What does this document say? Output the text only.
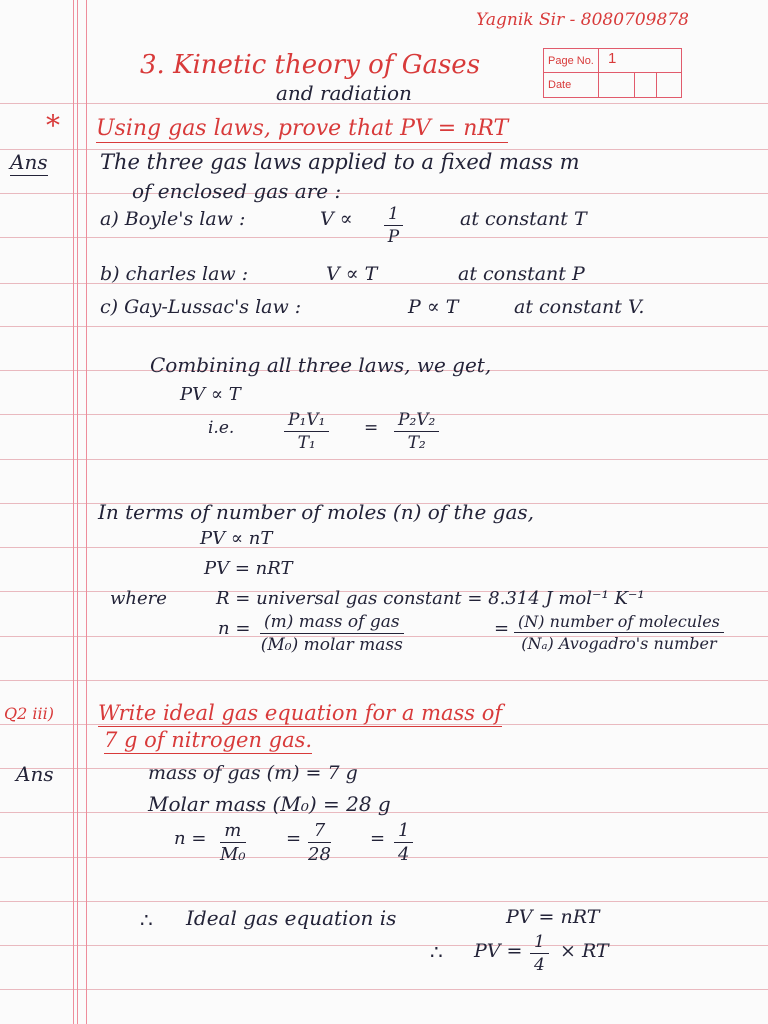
Yagnik Sir - 8080709878
3. Kinetic theory of Gases
and radiation
Page No. 1
Date
* Using gas laws, prove that PV = nRT
Ans The three gas laws applied to a fixed mass m
of enclosed gas are :
a) Boyle's law :	$V \propto \frac{1}{P}$	at constant T
b) charles law :	V ∝ T	at constant P
c) Gay-Lussac's law :	P ∝ T	at constant V.
Combining all three laws, we get,
PV ∝ T
i.e.	$\frac{\text{P₁V₁}}{\text{T₁}} = \frac{\text{P₂V₂}}{\text{T₂}}$
In terms of number of moles (n) of the gas,
PV ∝ nT
PV = nRT
where	R = universal gas constant = 8.314 J mol⁻¹ K⁻¹
n = (m) mass of gas
(M₀) molar mass
= (N) number of molecules
(Nₐ) Avogadro's number
Q2 iii) Write ideal gas equation for a mass of
7 g of nitrogen gas.
Ans	mass of gas (m) = 7 g
Molar mass (M₀) = 28 g
$n = \frac{m}{\text{M₀}} = \frac{7}{28} = \frac{1}{4}$
∴ Ideal gas equation is	PV = nRT
∴ PV = $\frac{1}{4}$ × RT
